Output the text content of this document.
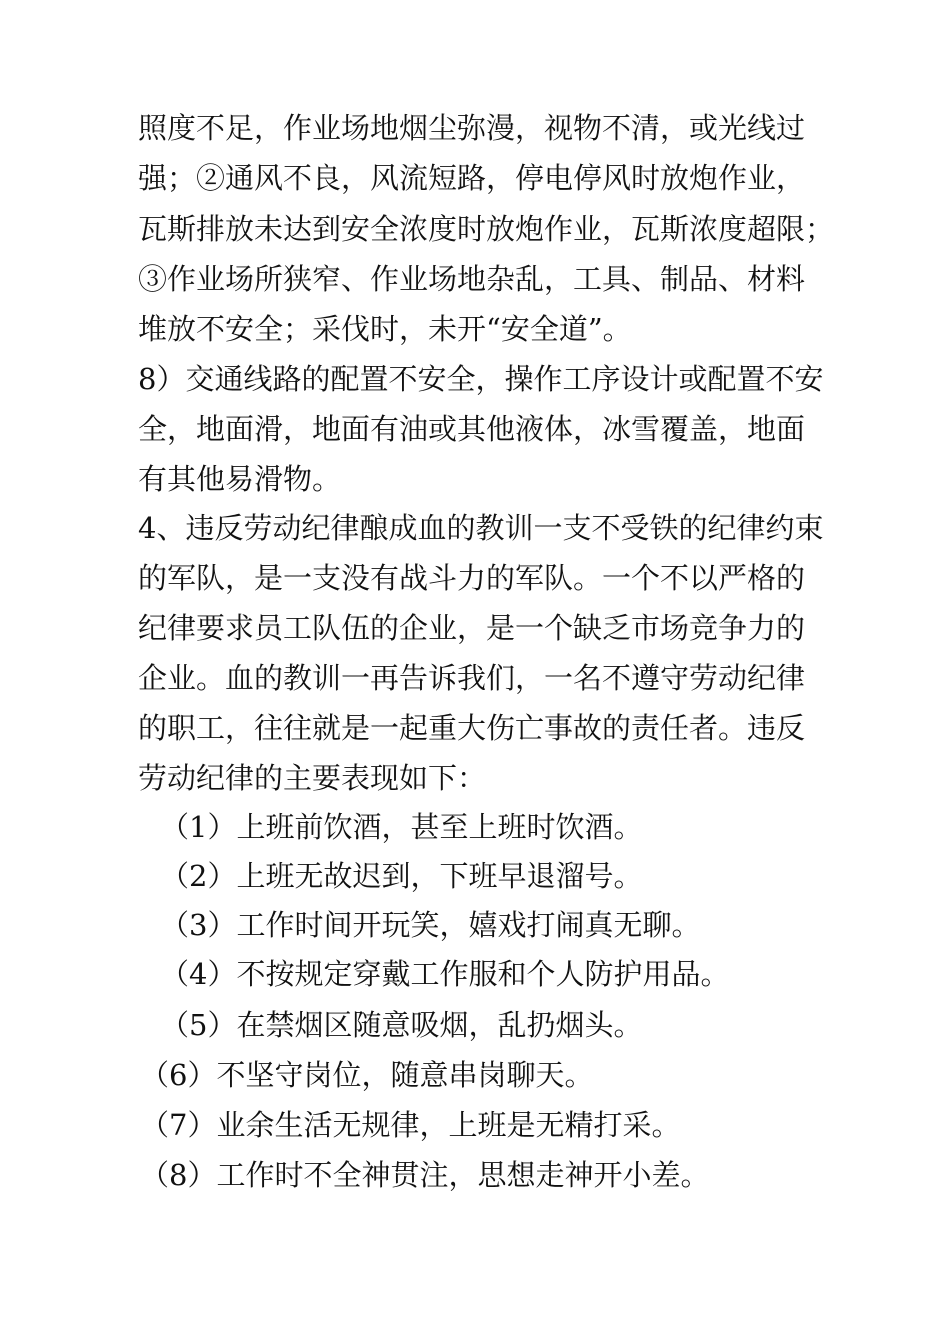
照度不足，作业场地烟尘弥漫，视物不清，或光线过
强；②通风不良，风流短路，停电停风时放炮作业，
瓦斯排放未达到安全浓度时放炮作业，瓦斯浓度超限；
③作业场所狭窄、作业场地杂乱，工具、制品、材料
堆放不安全；采伐时，未开“安全道”。
8）交通线路的配置不安全，操作工序设计或配置不安
全，地面滑，地面有油或其他液体，冰雪覆盖，地面
有其他易滑物。
4、违反劳动纪律酿成血的教训一支不受铁的纪律约束
的军队，是一支没有战斗力的军队。一个不以严格的
纪律要求员工队伍的企业，是一个缺乏市场竞争力的
企业。血的教训一再告诉我们，一名不遵守劳动纪律
的职工，往往就是一起重大伤亡事故的责任者。违反
劳动纪律的主要表现如下：
（1）上班前饮酒，甚至上班时饮酒。
（2）上班无故迟到，下班早退溜号。
（3）工作时间开玩笑，嬉戏打闹真无聊。
（4）不按规定穿戴工作服和个人防护用品。
（5）在禁烟区随意吸烟，乱扔烟头。
（6）不坚守岗位，随意串岗聊天。
（7）业余生活无规律，上班是无精打采。
（8）工作时不全神贯注，思想走神开小差。
